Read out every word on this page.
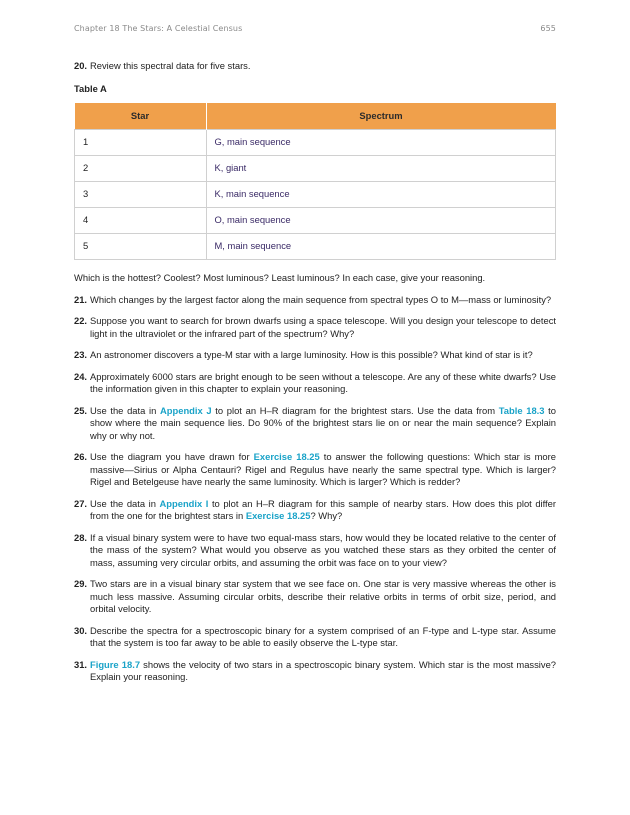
Chapter 18 The Stars: A Celestial Census	655
20. Review this spectral data for five stars.
Table A
Star	Spectrum
1	G, main sequence
2	K, giant
3	K, main sequence
4	O, main sequence
5	M, main sequence
Which is the hottest? Coolest? Most luminous? Least luminous? In each case, give your reasoning.
21. Which changes by the largest factor along the main sequence from spectral types O to M—mass or luminosity?
22. Suppose you want to search for brown dwarfs using a space telescope. Will you design your telescope to detect light in the ultraviolet or the infrared part of the spectrum? Why?
23. An astronomer discovers a type-M star with a large luminosity. How is this possible? What kind of star is it?
24. Approximately 6000 stars are bright enough to be seen without a telescope. Are any of these white dwarfs? Use the information given in this chapter to explain your reasoning.
25. Use the data in Appendix J to plot an H–R diagram for the brightest stars. Use the data from Table 18.3 to show where the main sequence lies. Do 90% of the brightest stars lie on or near the main sequence? Explain why or why not.
26. Use the diagram you have drawn for Exercise 18.25 to answer the following questions: Which star is more massive—Sirius or Alpha Centauri? Rigel and Regulus have nearly the same spectral type. Which is larger? Rigel and Betelgeuse have nearly the same luminosity. Which is larger? Which is redder?
27. Use the data in Appendix I to plot an H–R diagram for this sample of nearby stars. How does this plot differ from the one for the brightest stars in Exercise 18.25? Why?
28. If a visual binary system were to have two equal-mass stars, how would they be located relative to the center of the mass of the system? What would you observe as you watched these stars as they orbited the center of mass, assuming very circular orbits, and assuming the orbit was face on to your view?
29. Two stars are in a visual binary star system that we see face on. One star is very massive whereas the other is much less massive. Assuming circular orbits, describe their relative orbits in terms of orbit size, period, and orbital velocity.
30. Describe the spectra for a spectroscopic binary for a system comprised of an F-type and L-type star. Assume that the system is too far away to be able to easily observe the L-type star.
31. Figure 18.7 shows the velocity of two stars in a spectroscopic binary system. Which star is the most massive? Explain your reasoning.
